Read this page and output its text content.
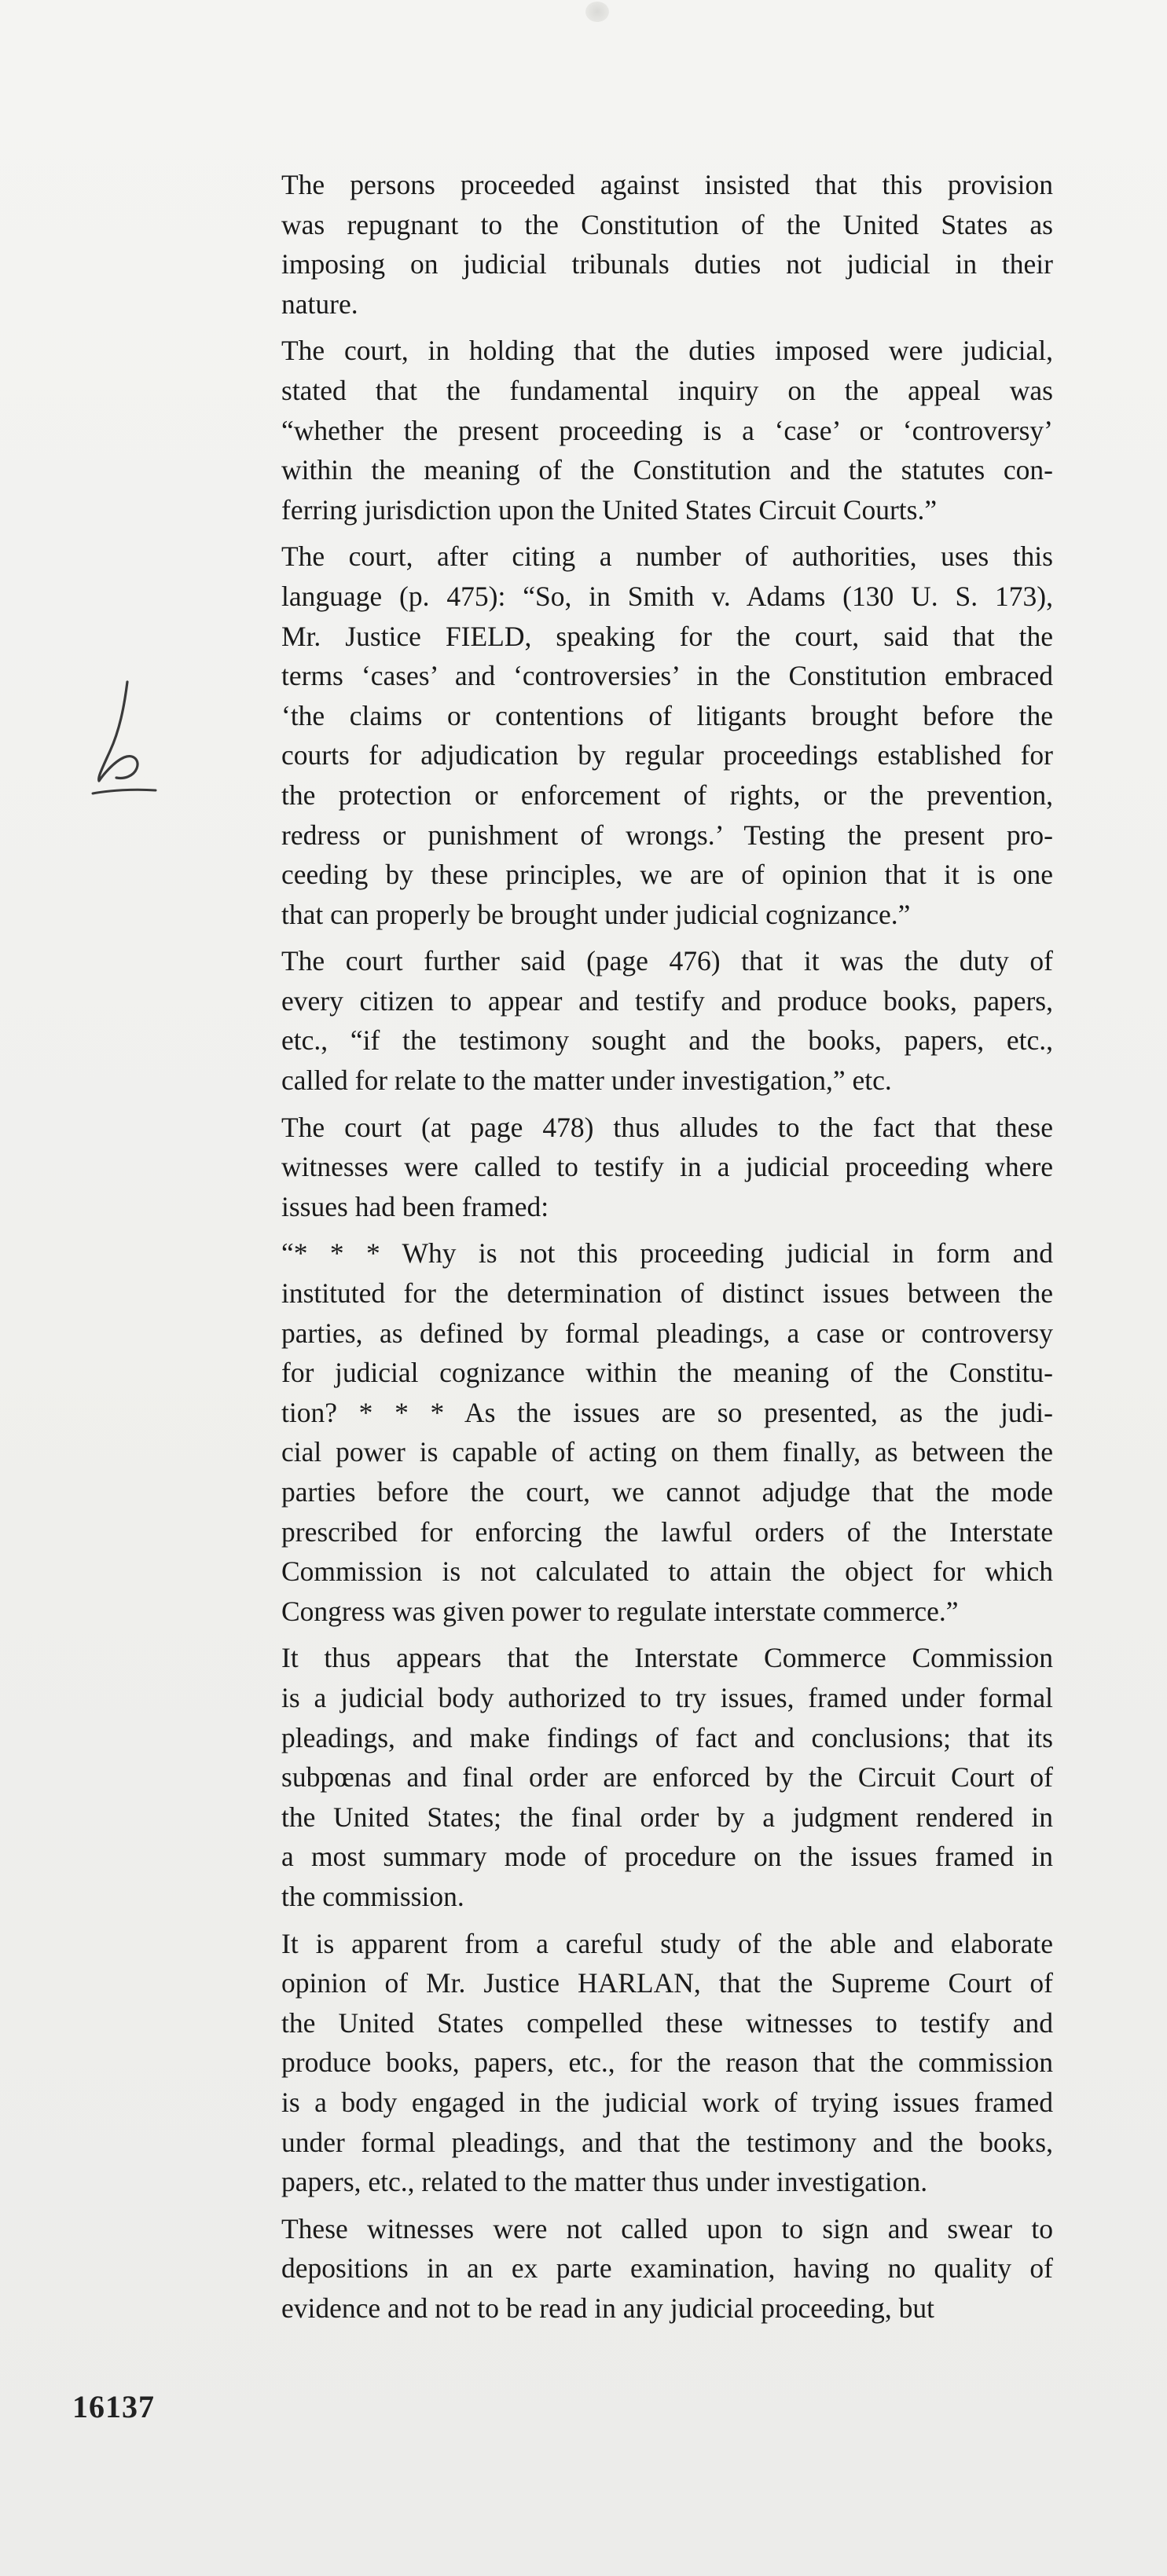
The persons proceeded against insisted that this provision
was repugnant to the Constitution of the United States as
imposing on judicial tribunals duties not judicial in their
nature.
The court, in holding that the duties imposed were judicial,
stated that the fundamental inquiry on the appeal was
“whether the present proceeding is a ‘case’ or ‘controversy’
within the meaning of the Constitution and the statutes con-
ferring jurisdiction upon the United States Circuit Courts.”
The court, after citing a number of authorities, uses this
language (p. 475): “So, in Smith v. Adams (130 U. S. 173),
Mr. Justice FIELD, speaking for the court, said that the
terms ‘cases’ and ‘controversies’ in the Constitution embraced
‘the claims or contentions of litigants brought before the
courts for adjudication by regular proceedings established for
the protection or enforcement of rights, or the prevention,
redress or punishment of wrongs.’ Testing the present pro-
ceeding by these principles, we are of opinion that it is one
that can properly be brought under judicial cognizance.”
The court further said (page 476) that it was the duty of
every citizen to appear and testify and produce books, papers,
etc., “if the testimony sought and the books, papers, etc.,
called for relate to the matter under investigation,” etc.
The court (at page 478) thus alludes to the fact that these
witnesses were called to testify in a judicial proceeding where
issues had been framed:
“* * * Why is not this proceeding judicial in form and
instituted for the determination of distinct issues between the
parties, as defined by formal pleadings, a case or controversy
for judicial cognizance within the meaning of the Constitu-
tion? * * * As the issues are so presented, as the judi-
cial power is capable of acting on them finally, as between the
parties before the court, we cannot adjudge that the mode
prescribed for enforcing the lawful orders of the Interstate
Commission is not calculated to attain the object for which
Congress was given power to regulate interstate commerce.”
It thus appears that the Interstate Commerce Commission
is a judicial body authorized to try issues, framed under formal
pleadings, and make findings of fact and conclusions; that its
subpœnas and final order are enforced by the Circuit Court of
the United States; the final order by a judgment rendered in
a most summary mode of procedure on the issues framed in
the commission.
It is apparent from a careful study of the able and elaborate
opinion of Mr. Justice HARLAN, that the Supreme Court of
the United States compelled these witnesses to testify and
produce books, papers, etc., for the reason that the commission
is a body engaged in the judicial work of trying issues framed
under formal pleadings, and that the testimony and the books,
papers, etc., related to the matter thus under investigation.
These witnesses were not called upon to sign and swear to
depositions in an ex parte examination, having no quality of
evidence and not to be read in any judicial proceeding, but
16137
